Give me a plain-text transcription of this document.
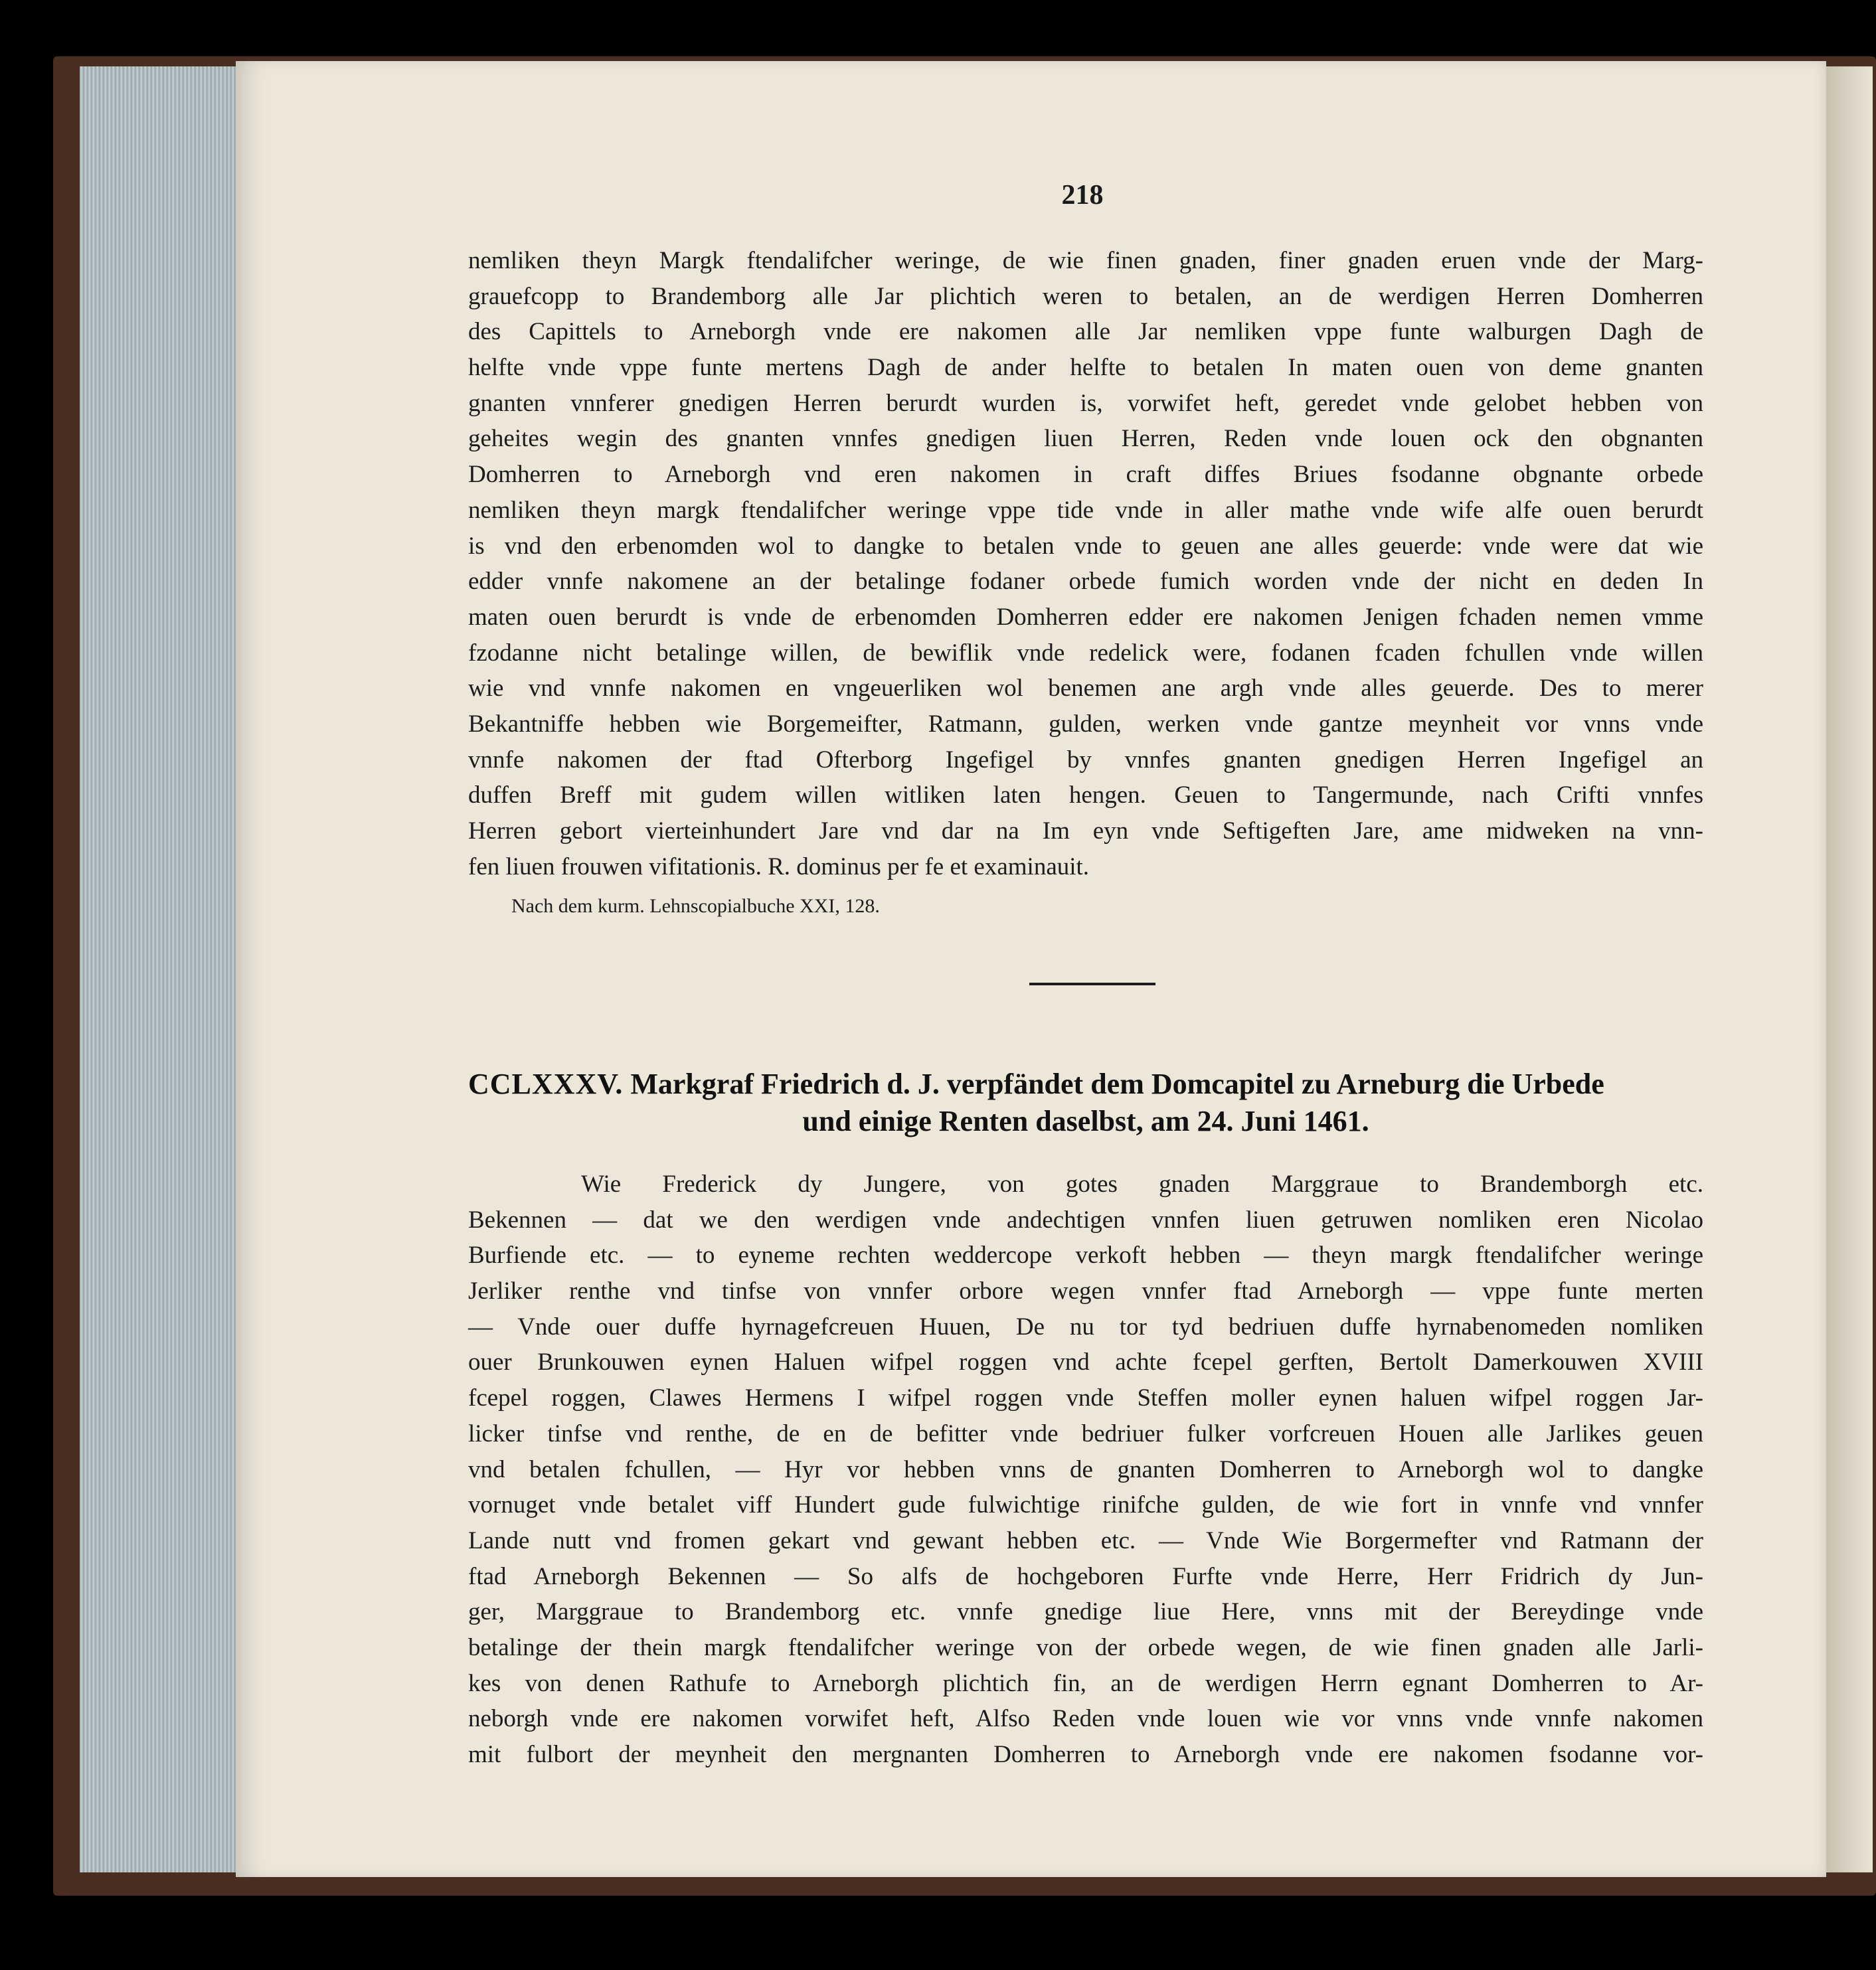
218
nemliken theyn Margk ftendalifcher weringe, de wie finen gnaden, finer gnaden eruen vnde der Marg-
grauefcopp to Brandemborg alle Jar plichtich weren to betalen, an de werdigen Herren Domherren
des Capittels to Arneborgh vnde ere nakomen alle Jar nemliken vppe funte walburgen Dagh de
helfte vnde vppe funte mertens Dagh de ander helfte to betalen In maten ouen von deme gnanten
gnanten vnnferer gnedigen Herren berurdt wurden is, vorwifet heft, geredet vnde gelobet hebben von
geheites wegin des gnanten vnnfes gnedigen liuen Herren, Reden vnde louen ock den obgnanten
Domherren to Arneborgh vnd eren nakomen in craft diffes Briues fsodanne obgnante orbede
nemliken theyn margk ftendalifcher weringe vppe tide vnde in aller mathe vnde wife alfe ouen berurdt
is vnd den erbenomden wol to dangke to betalen vnde to geuen ane alles geuerde: vnde were dat wie
edder vnnfe nakomene an der betalinge fodaner orbede fumich worden vnde der nicht en deden In
maten ouen berurdt is vnde de erbenomden Domherren edder ere nakomen Jenigen fchaden nemen vmme
fzodanne nicht betalinge willen, de bewiflik vnde redelick were, fodanen fcaden fchullen vnde willen
wie vnd vnnfe nakomen en vngeuerliken wol benemen ane argh vnde alles geuerde. Des to merer
Bekantniffe hebben wie Borgemeifter, Ratmann, gulden, werken vnde gantze meynheit vor vnns vnde
vnnfe nakomen der ftad Ofterborg Ingefigel by vnnfes gnanten gnedigen Herren Ingefigel an
duffen Breff mit gudem willen witliken laten hengen. Geuen to Tangermunde, nach Crifti vnnfes
Herren gebort vierteinhundert Jare vnd dar na Im eyn vnde Seftigeften Jare, ame midweken na vnn-
fen liuen frouwen vifitationis. R. dominus per fe et examinauit.
Nach dem kurm. Lehnscopialbuche XXI, 128.
CCLXXXV. Markgraf Friedrich d. J. verpfändet dem Domcapitel zu Arneburg die Urbede
und einige Renten daselbst, am 24. Juni 1461.
Wie Frederick dy Jungere, von gotes gnaden Marggraue to Brandemborgh etc.
Bekennen — dat we den werdigen vnde andechtigen vnnfen liuen getruwen nomliken eren Nicolao
Burfiende etc. — to eyneme rechten weddercope verkoft hebben — theyn margk ftendalifcher weringe
Jerliker renthe vnd tinfse von vnnfer orbore wegen vnnfer ftad Arneborgh — vppe funte merten
— Vnde ouer duffe hyrnagefcreuen Huuen, De nu tor tyd bedriuen duffe hyrnabenomeden nomliken
ouer Brunkouwen eynen Haluen wifpel roggen vnd achte fcepel gerften, Bertolt Damerkouwen XVIII
fcepel roggen, Clawes Hermens I wifpel roggen vnde Steffen moller eynen haluen wifpel roggen Jar-
licker tinfse vnd renthe, de en de befitter vnde bedriuer fulker vorfcreuen Houen alle Jarlikes geuen
vnd betalen fchullen, — Hyr vor hebben vnns de gnanten Domherren to Arneborgh wol to dangke
vornuget vnde betalet viff Hundert gude fulwichtige rinifche gulden, de wie fort in vnnfe vnd vnnfer
Lande nutt vnd fromen gekart vnd gewant hebben etc. — Vnde Wie Borgermefter vnd Ratmann der
ftad Arneborgh Bekennen — So alfs de hochgeboren Furfte vnde Herre, Herr Fridrich dy Jun-
ger, Marggraue to Brandemborg etc. vnnfe gnedige liue Here, vnns mit der Bereydinge vnde
betalinge der thein margk ftendalifcher weringe von der orbede wegen, de wie finen gnaden alle Jarli-
kes von denen Rathufe to Arneborgh plichtich fin, an de werdigen Herrn egnant Domherren to Ar-
neborgh vnde ere nakomen vorwifet heft, Alfso Reden vnde louen wie vor vnns vnde vnnfe nakomen
mit fulbort der meynheit den mergnanten Domherren to Arneborgh vnde ere nakomen fsodanne vor-
